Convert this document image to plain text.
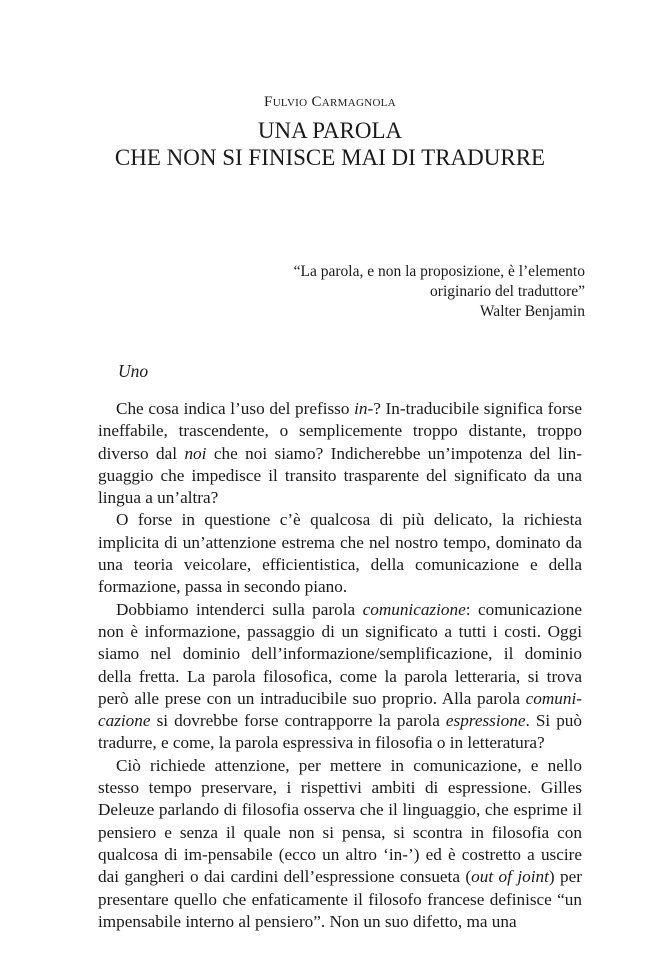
Fulvio Carmagnola
UNA PAROLA
CHE NON SI FINISCE MAI DI TRADURRE
“La parola, e non la proposizione, è l’elemento
originario del traduttore”
Walter Benjamin
Uno

Che cosa indica l’uso del prefisso in-? In-traducibile significa forse ineffabile, trascendente, o semplicemente troppo distante, troppo diverso dal noi che noi siamo? Indicherebbe un’impotenza del linguaggio che impedisce il transito trasparente del significato da una lingua a un’altra?

O forse in questione c’è qualcosa di più delicato, la richiesta implicita di un’attenzione estrema che nel nostro tempo, dominato da una teoria veicolare, efficientistica, della comunicazione e della formazione, passa in secondo piano.

Dobbiamo intenderci sulla parola comunicazione: comunicazione non è informazione, passaggio di un significato a tutti i costi. Oggi siamo nel dominio dell’informazione/semplificazione, il dominio della fretta. La parola filosofica, come la parola letteraria, si trova però alle prese con un intraducibile suo proprio. Alla parola comunicazione si dovrebbe forse contrapporre la parola espressione. Si può tradurre, e come, la parola espressiva in filosofia o in letteratura?

Ciò richiede attenzione, per mettere in comunicazione, e nello stesso tempo preservare, i rispettivi ambiti di espressione. Gilles Deleuze parlando di filosofia osserva che il linguaggio, che esprime il pensiero e senza il quale non si pensa, si scontra in filosofia con qualcosa di im-pensabile (ecco un altro ‘in-’) ed è costretto a uscire dai gangheri o dai cardini dell’espressione consueta (out of joint) per presentare quello che enfaticamente il filosofo francese definisce “un impensabile interno al pensiero”. Non un suo difetto, ma una
